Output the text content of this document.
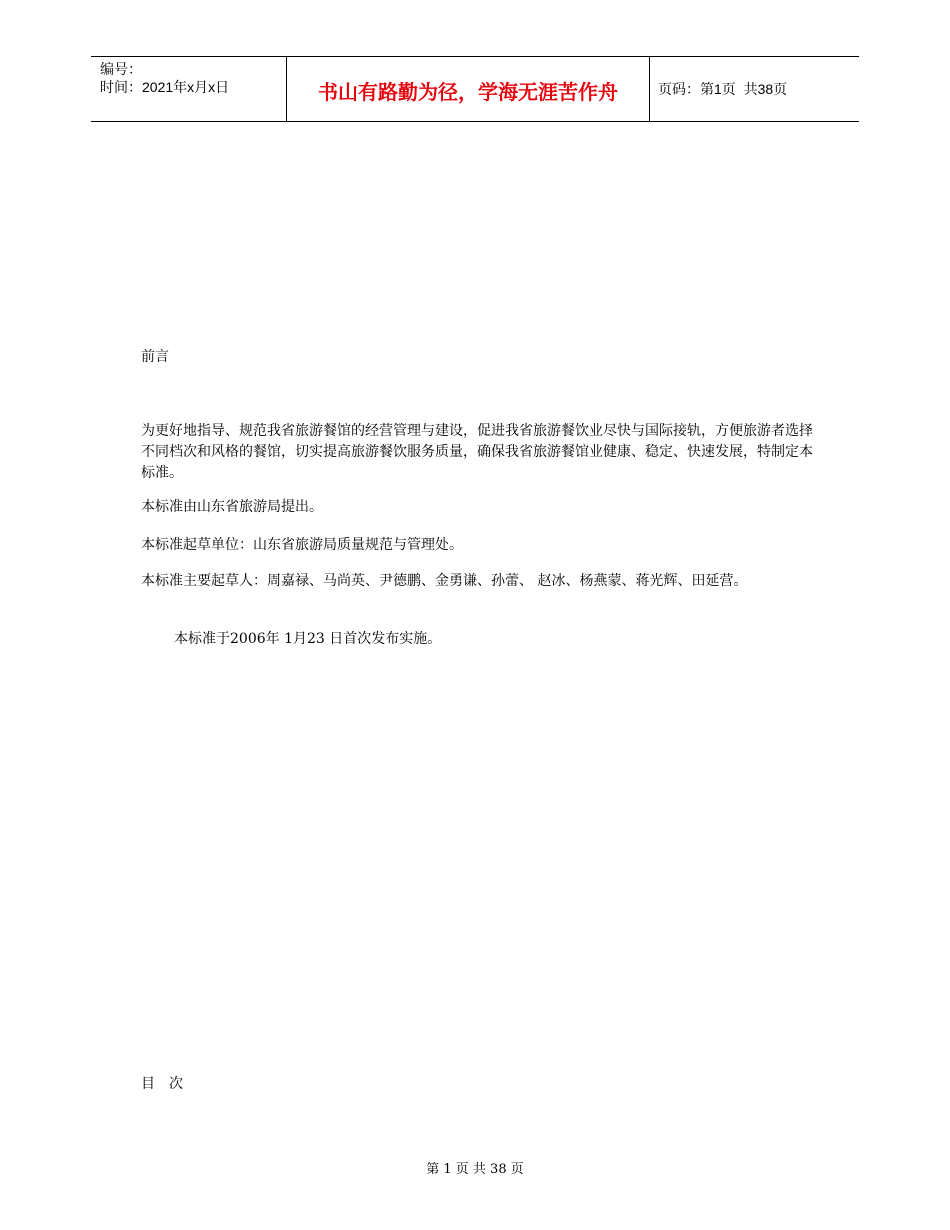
编号：
时间：2021年x月x日	书山有路勤为径，学海无涯苦作舟	页码： 第1页  共38页
前言
为更好地指导、规范我省旅游餐馆的经营管理与建设，促进我省旅游餐饮业尽快与国际接轨，方便旅游者选择不同档次和风格的餐馆，切实提高旅游餐饮服务质量，确保我省旅游餐馆业健康、稳定、快速发展，特制定本标准。
本标准由山东省旅游局提出。
本标准起草单位：山东省旅游局质量规范与管理处。
本标准主要起草人：周嘉禄、马尚英、尹德鹏、金勇谦、孙蕾、 赵冰、杨燕蒙、蒋光辉、田延营。
本标准于2006年 1月23 日首次发布实施。
目　次
第 1 页 共 38 页
